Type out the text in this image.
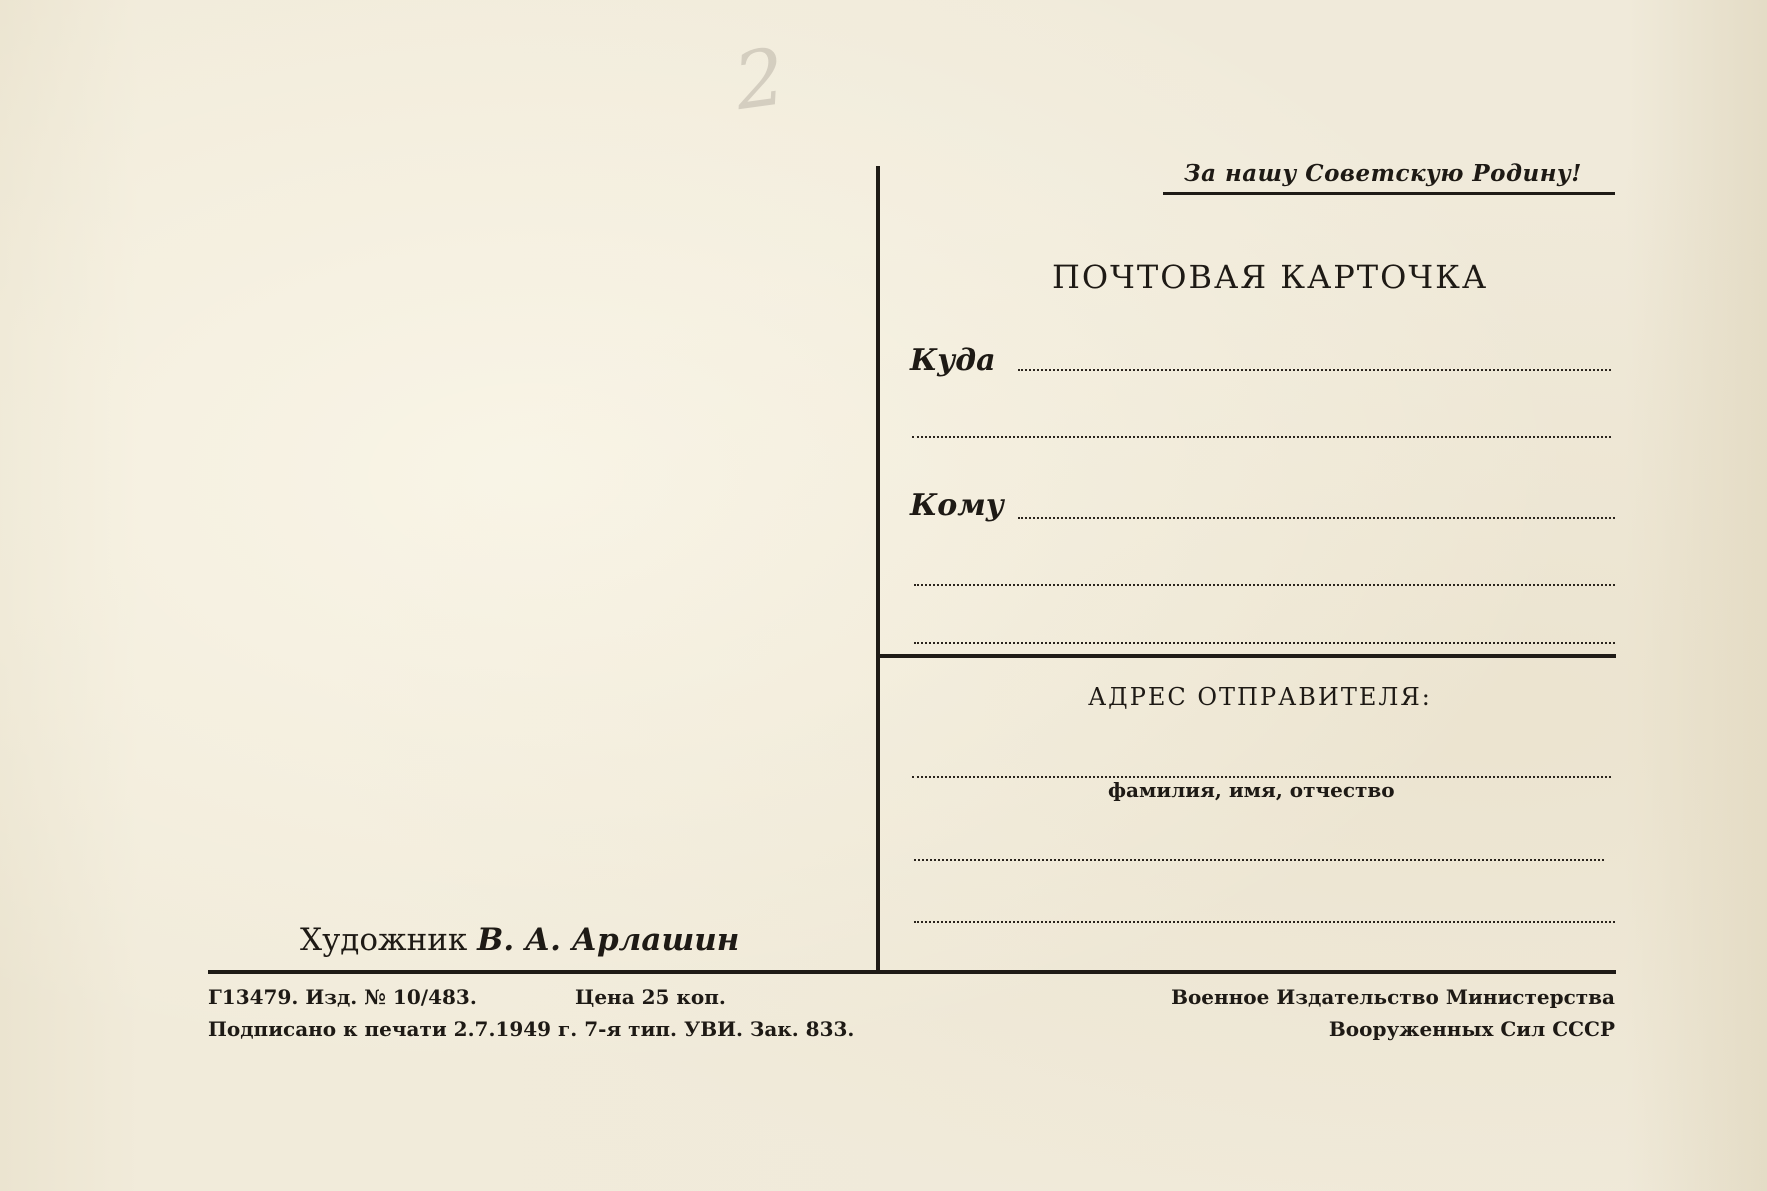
2
За нашу Советскую Родину!
ПОЧТОВАЯ КАРТОЧКА
Куда
Кому
АДРЕС ОТПРАВИТЕЛЯ:
фамилия, имя, отчество
Художник В. А. Арлашин
Г13479. Изд. № 10/483.	Цена 25 коп.
Подписано к печати 2.7.1949 г. 7-я тип. УВИ. Зак. 833.
Военное Издательство Министерства
Вооруженных Сил СССР
